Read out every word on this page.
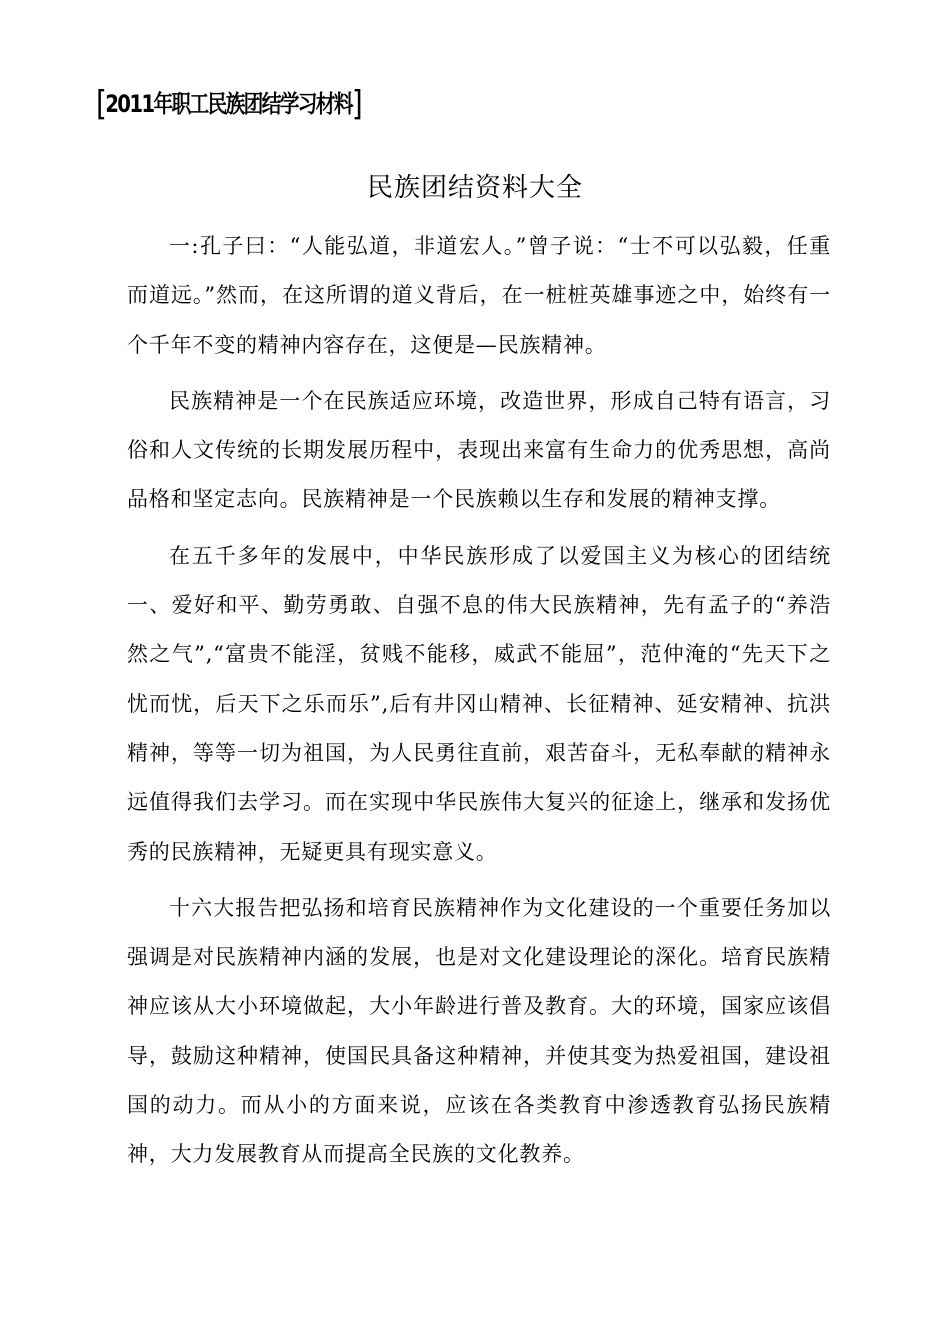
[2011年职工民族团结学习材料]
民族团结资料大全

一:孔子曰：“人能弘道，非道宏人。”曾子说：“士不可以弘毅，任重而道远。”然而，在这所谓的道义背后，在一桩桩英雄事迹之中，始终有一个千年不变的精神内容存在，这便是—民族精神。

民族精神是一个在民族适应环境，改造世界，形成自己特有语言，习俗和人文传统的长期发展历程中，表现出来富有生命力的优秀思想，高尚品格和坚定志向。民族精神是一个民族赖以生存和发展的精神支撑。

在五千多年的发展中，中华民族形成了以爱国主义为核心的团结统一、爱好和平、勤劳勇敢、自强不息的伟大民族精神，先有孟子的“养浩然之气”,“富贵不能淫，贫贱不能移，威武不能屈”，范仲淹的“先天下之忧而忧，后天下之乐而乐”,后有井冈山精神、长征精神、延安精神、抗洪精神，等等一切为祖国，为人民勇往直前，艰苦奋斗，无私奉献的精神永远值得我们去学习。而在实现中华民族伟大复兴的征途上，继承和发扬优秀的民族精神，无疑更具有现实意义。

十六大报告把弘扬和培育民族精神作为文化建设的一个重要任务加以强调是对民族精神内涵的发展，也是对文化建设理论的深化。培育民族精神应该从大小环境做起，大小年龄进行普及教育。大的环境，国家应该倡导，鼓励这种精神，使国民具备这种精神，并使其变为热爱祖国，建设祖国的动力。而从小的方面来说，应该在各类教育中渗透教育弘扬民族精神，大力发展教育从而提高全民族的文化教养。
